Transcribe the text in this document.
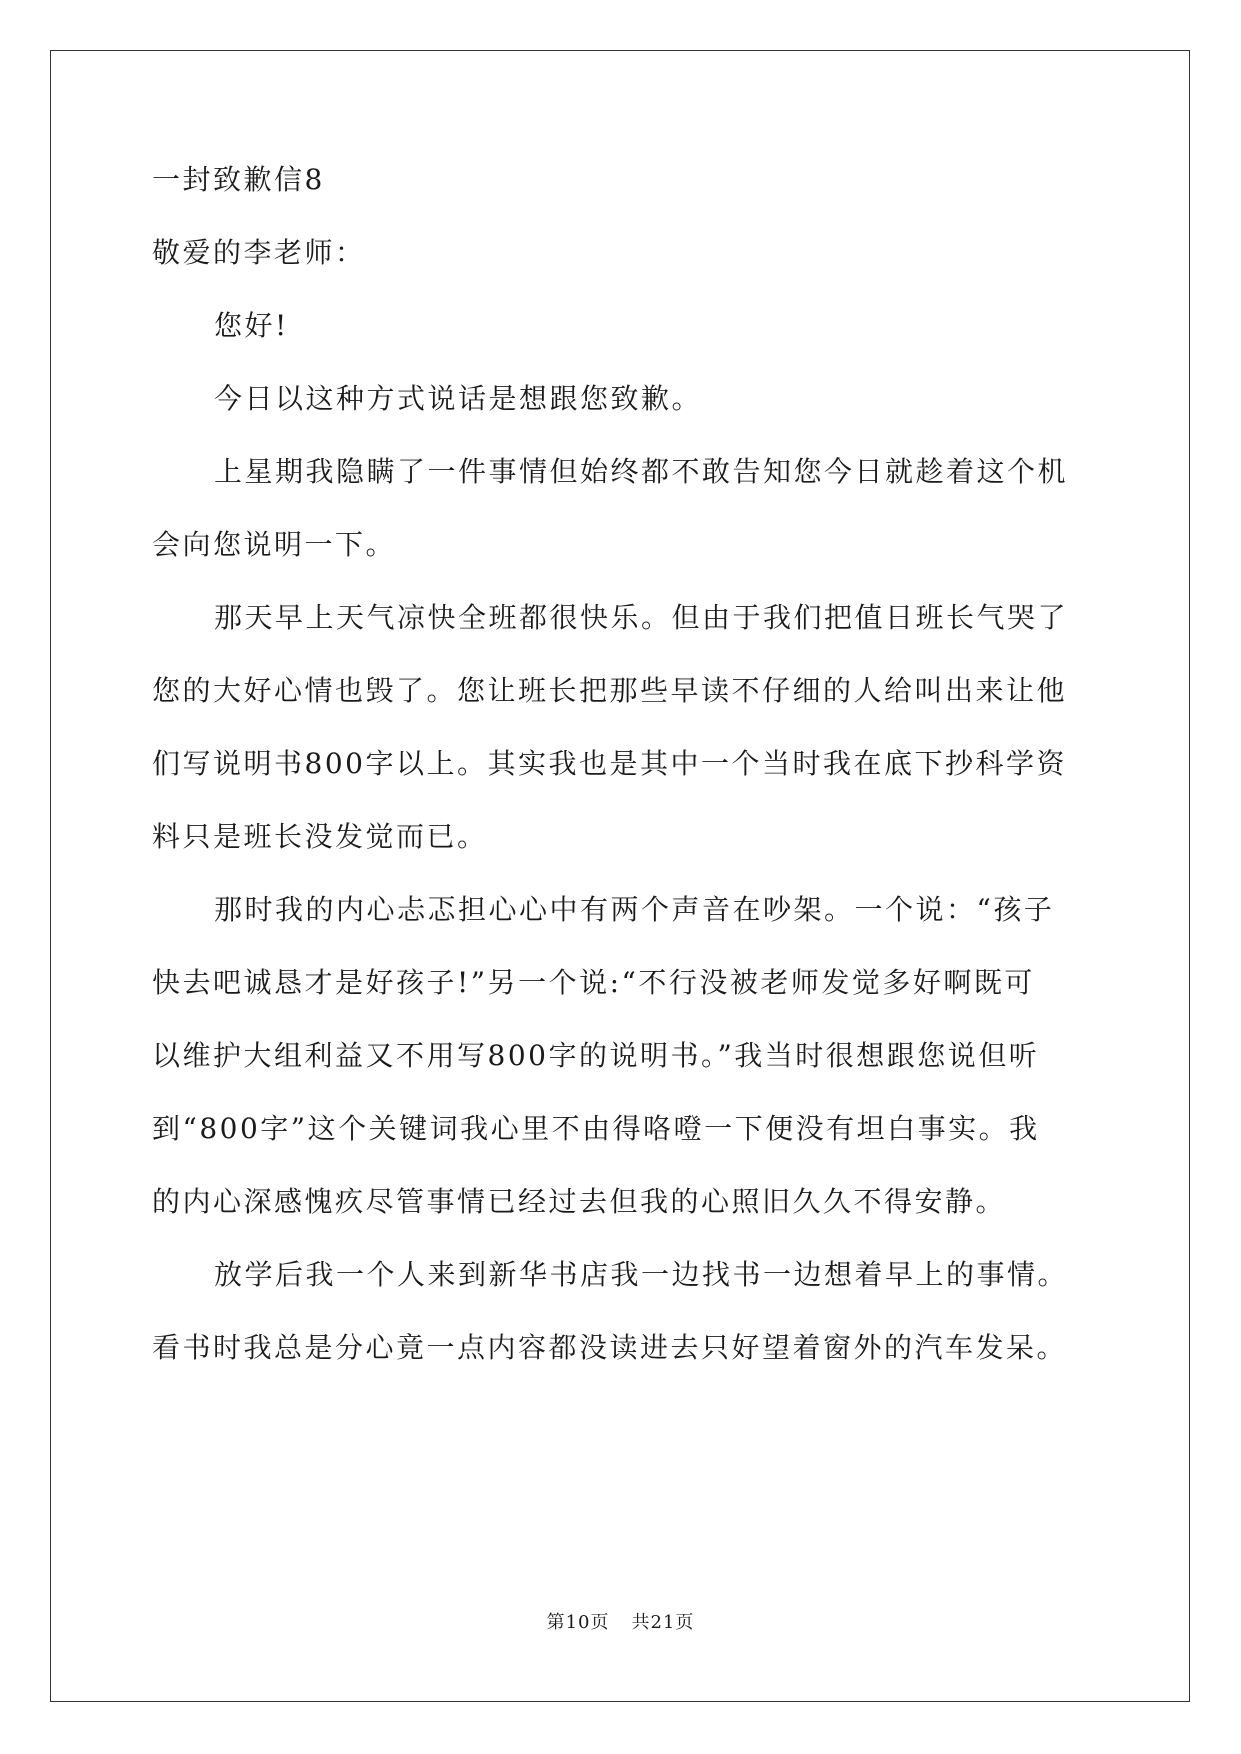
一封致歉信8
敬爱的李老师：
您好!
今日以这种方式说话是想跟您致歉。
上星期我隐瞒了一件事情但始终都不敢告知您今日就趁着这个机
会向您说明一下。
那天早上天气凉快全班都很快乐。但由于我们把值日班长气哭了
您的大好心情也毁了。您让班长把那些早读不仔细的人给叫出来让他
们写说明书800字以上。其实我也是其中一个当时我在底下抄科学资
料只是班长没发觉而已。
那时我的内心忐忑担心心中有两个声音在吵架。一个说：“孩子
快去吧诚恳才是好孩子!”另一个说:“不行没被老师发觉多好啊既可
以维护大组利益又不用写800字的说明书。”我当时很想跟您说但听
到“800字”这个关键词我心里不由得咯噔一下便没有坦白事实。我
的内心深感愧疚尽管事情已经过去但我的心照旧久久不得安静。
放学后我一个人来到新华书店我一边找书一边想着早上的事情。
看书时我总是分心竟一点内容都没读进去只好望着窗外的汽车发呆。
第10页 共21页
